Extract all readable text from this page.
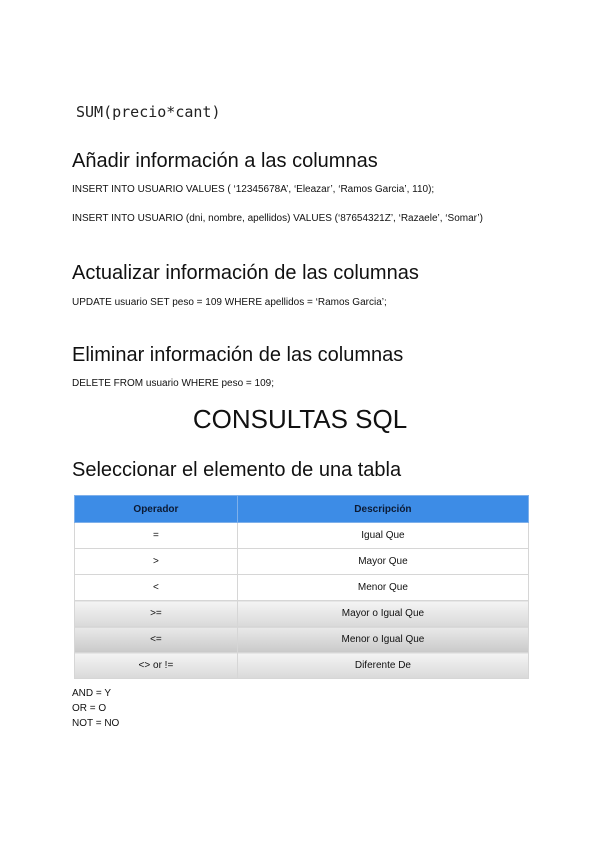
SUM(precio*cant)
Añadir información a las columnas

INSERT INTO USUARIO VALUES ( ‘12345678A’, ‘Eleazar’, ‘Ramos Garcia’, 110);

INSERT INTO USUARIO (dni, nombre, apellidos) VALUES (‘87654321Z’, ‘Razaele’, ‘Somar’)

Actualizar información de las columnas

UPDATE usuario SET peso = 109 WHERE apellidos = ‘Ramos Garcia’;

Eliminar información de las columnas

DELETE FROM usuario WHERE peso = 109;

CONSULTAS SQL
Seleccionar el elemento de una tabla
Operador	Descripción
=	Igual Que
>	Mayor Que
<	Menor Que
>=	Mayor o Igual Que
<=	Menor o Igual Que
<> or !=	Diferente De
AND = Y
OR = O
NOT = NO
